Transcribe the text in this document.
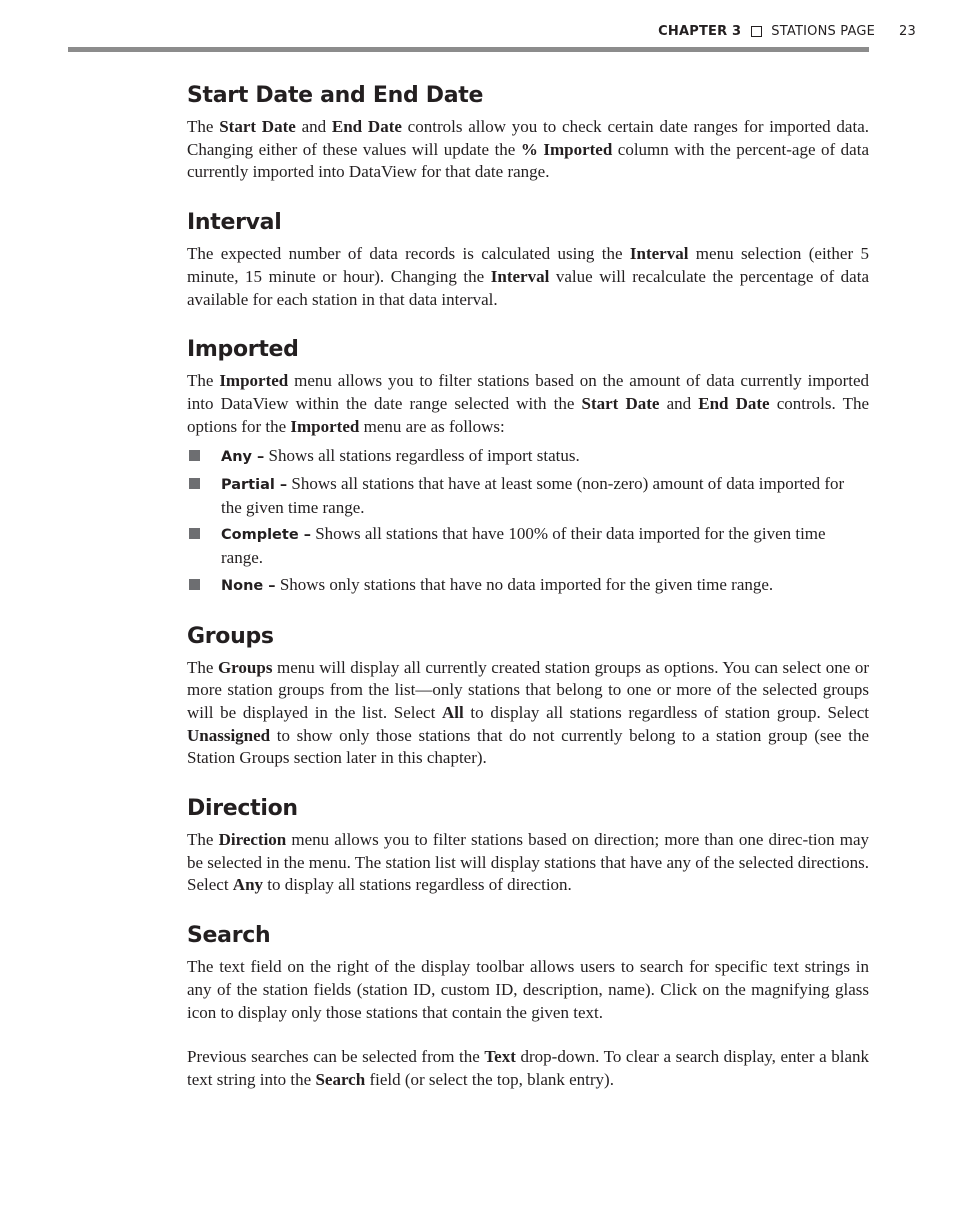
CHAPTER 3 STATIONS PAGE 23
Start Date and End Date

The Start Date and End Date controls allow you to check certain date ranges for imported data. Changing either of these values will update the % Imported column with the percent-age of data currently imported into DataView for that date range.

Interval

The expected number of data records is calculated using the Interval menu selection (either 5 minute, 15 minute or hour). Changing the Interval value will recalculate the percentage of data available for each station in that data interval.

Imported

The Imported menu allows you to filter stations based on the amount of data currently imported into DataView within the date range selected with the Start Date and End Date controls. The options for the Imported menu are as follows:

Any – Shows all stations regardless of import status.
Partial – Shows all stations that have at least some (non-zero) amount of data imported for the given time range.
Complete – Shows all stations that have 100% of their data imported for the given time range.
None – Shows only stations that have no data imported for the given time range.
Groups

The Groups menu will display all currently created station groups as options. You can select one or more station groups from the list—only stations that belong to one or more of the selected groups will be displayed in the list. Select All to display all stations regardless of station group. Select Unassigned to show only those stations that do not currently belong to a station group (see the Station Groups section later in this chapter).

Direction

The Direction menu allows you to filter stations based on direction; more than one direc-tion may be selected in the menu. The station list will display stations that have any of the selected directions. Select Any to display all stations regardless of direction.

Search

The text field on the right of the display toolbar allows users to search for specific text strings in any of the station fields (station ID, custom ID, description, name). Click on the magnifying glass icon to display only those stations that contain the given text.

Previous searches can be selected from the Text drop-down. To clear a search display, enter a blank text string into the Search field (or select the top, blank entry).
